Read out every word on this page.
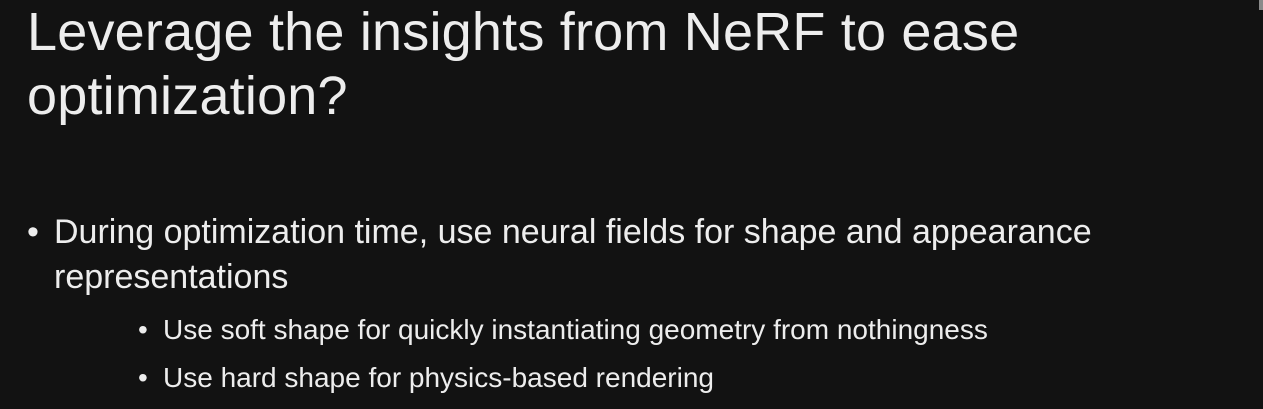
Leverage the insights from NeRF to ease optimization?
• During optimization time, use neural fields for shape and appearance
representations
• Use soft shape for quickly instantiating geometry from nothingness
• Use hard shape for physics-based rendering
